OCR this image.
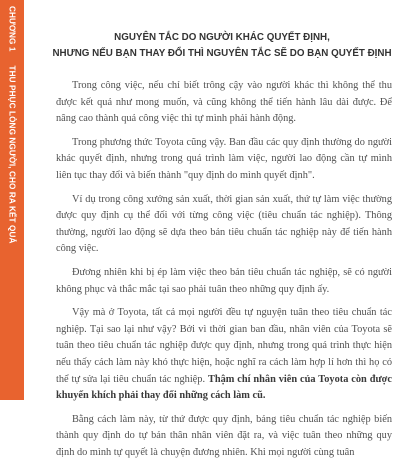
CHƯƠNG 1THU PHỤC LÒNG NGƯỜI, CHO RA KẾT QUẢ
NGUYÊN TẮC DO NGƯỜI KHÁC QUYẾT ĐỊNH,
NHƯNG NẾU BẠN THAY ĐỔI THÌ NGUYÊN TẮC SẼ DO BẠN QUYẾT ĐỊNH

Trong công việc, nếu chỉ biết trông cậy vào người khác thì không thể thu được kết quả như mong muốn, và cũng không thể tiến hành lâu dài được. Để nâng cao thành quả công việc thì tự mình phải hành động.

Trong phương thức Toyota cũng vậy. Ban đầu các quy định thường do người khác quyết định, nhưng trong quá trình làm việc, người lao động cần tự mình liên tục thay đổi và biến thành "quy định do mình quyết định".

Ví dụ trong công xưởng sản xuất, thời gian sản xuất, thứ tự làm việc thường được quy định cụ thể đối với từng công việc (tiêu chuẩn tác nghiệp). Thông thường, người lao động sẽ dựa theo bản tiêu chuẩn tác nghiệp này để tiến hành công việc.

Đương nhiên khi bị ép làm việc theo bản tiêu chuẩn tác nghiệp, sẽ có người không phục và thắc mắc tại sao phải tuân theo những quy định ấy.

Vậy mà ở Toyota, tất cả mọi người đều tự nguyện tuân theo tiêu chuẩn tác nghiệp. Tại sao lại như vậy? Bởi vì thời gian ban đầu, nhân viên của Toyota sẽ tuân theo tiêu chuẩn tác nghiệp được quy định, nhưng trong quá trình thực hiện nếu thấy cách làm này khó thực hiện, hoặc nghĩ ra cách làm hợp lí hơn thì họ có thể tự sửa lại tiêu chuẩn tác nghiệp. Thậm chí nhân viên của Toyota còn được khuyến khích phải thay đổi những cách làm cũ.

Bằng cách làm này, từ thứ được quy định, bảng tiêu chuẩn tác nghiệp biến thành quy định do tự bản thân nhân viên đặt ra, và việc tuân theo những quy định do mình tự quyết là chuyện đương nhiên. Khi mọi người cùng tuân
